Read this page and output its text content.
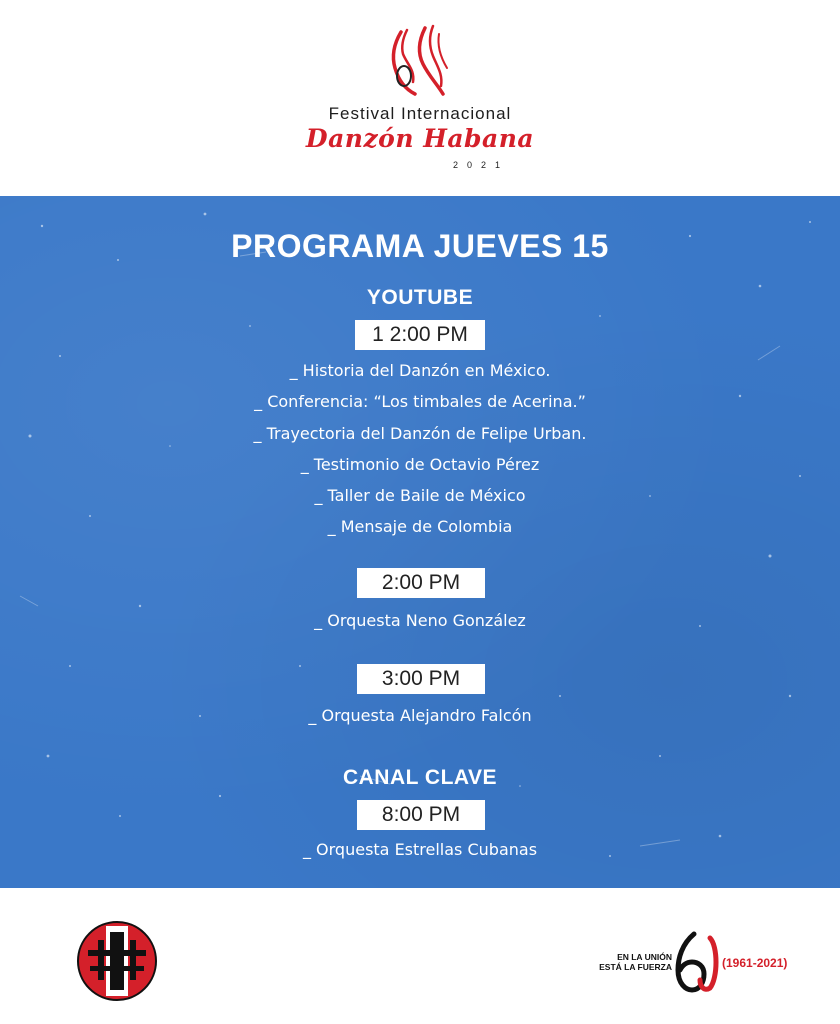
Festival Internacional
Danzón Habana
2021
PROGRAMA JUEVES 15
YOUTUBE
1 2:00 PM
_ Historia del Danzón en México.
_ Conferencia: “Los timbales de Acerina.”
_ Trayectoria del Danzón de Felipe Urban.
_ Testimonio de Octavio Pérez
_ Taller de Baile de México
_ Mensaje de Colombia
2:00 PM
_ Orquesta Neno González
3:00 PM
_ Orquesta Alejandro Falcón
CANAL CLAVE
8:00 PM
_ Orquesta Estrellas Cubanas
EN LA UNIÓN
ESTÁ LA FUERZA	(1961-2021)
